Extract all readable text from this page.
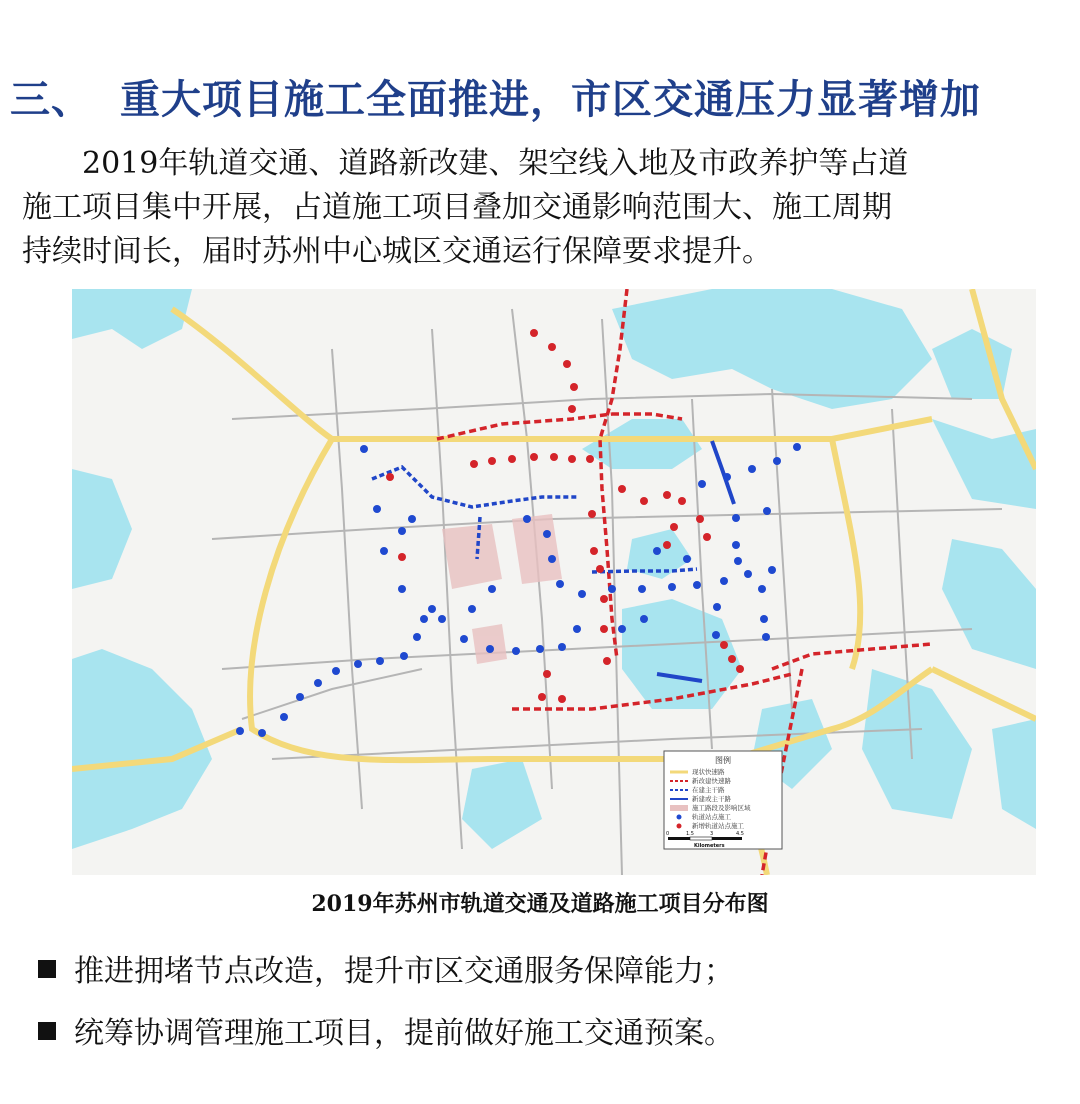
三、 重大项目施工全面推进，市区交通压力显著增加
2019年轨道交通、道路新改建、架空线入地及市政养护等占道
施工项目集中开展，占道施工项目叠加交通影响范围大、施工周期
持续时间长，届时苏州中心城区交通运行保障要求提升。
图例
现状快速路
新改建快速路
在建主干路
新建或主干路
施工路段及影响区域
轨道站点施工
新增轨道站点施工
0	1.5	3	4.5
Kilometers
2019年苏州市轨道交通及道路施工项目分布图
推进拥堵节点改造，提升市区交通服务保障能力；
统筹协调管理施工项目，提前做好施工交通预案。
